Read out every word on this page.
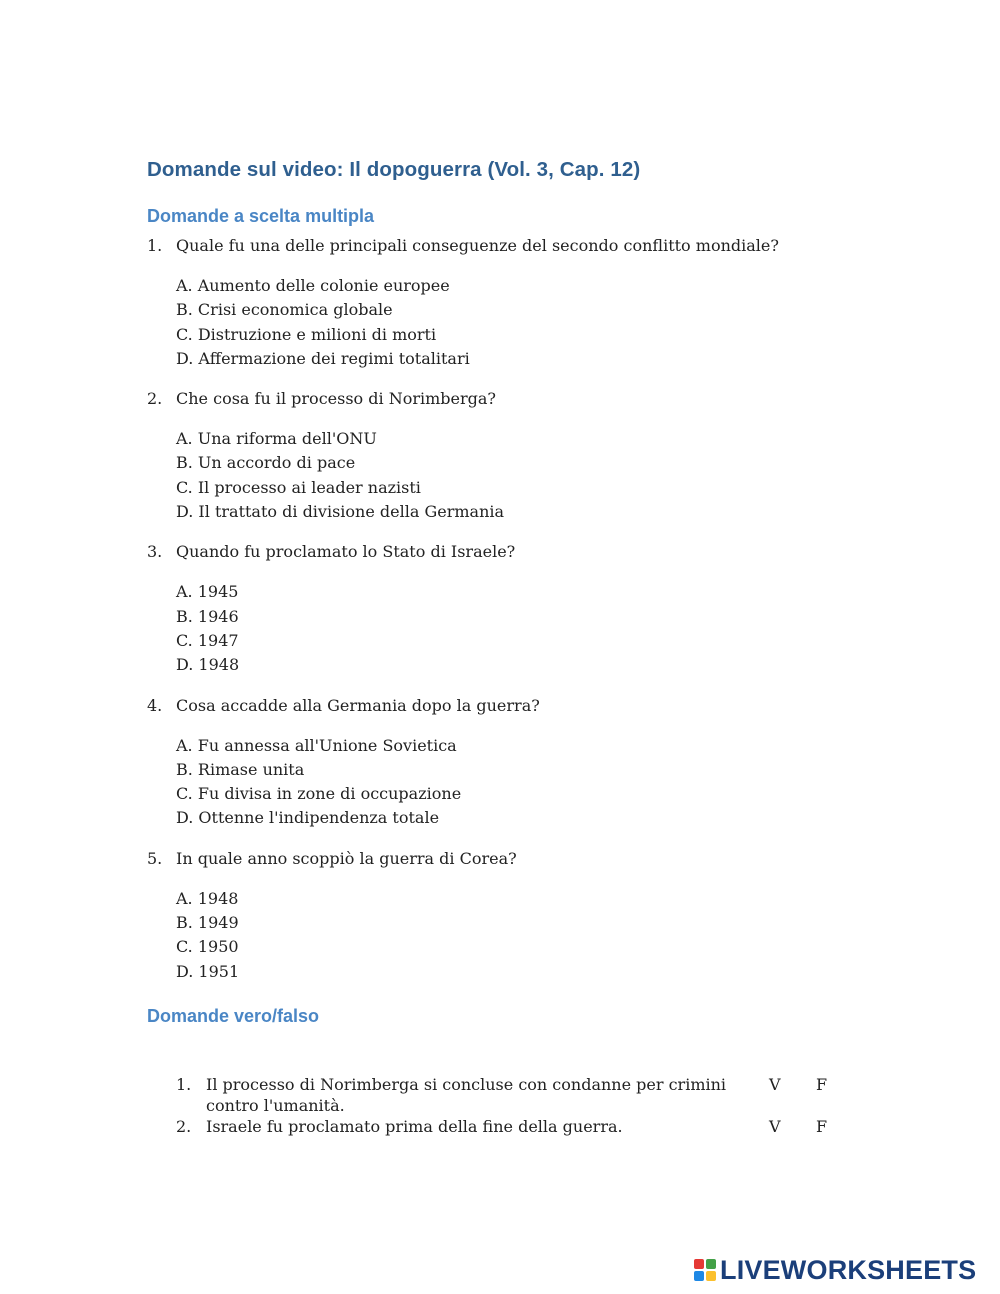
Domande sul video: Il dopoguerra (Vol. 3, Cap. 12)
Domande a scelta multipla
1. Quale fu una delle principali conseguenze del secondo conflitto mondiale?
A. Aumento delle colonie europee
B. Crisi economica globale
C. Distruzione e milioni di morti
D. Affermazione dei regimi totalitari
2. Che cosa fu il processo di Norimberga?
A. Una riforma dell'ONU
B. Un accordo di pace
C. Il processo ai leader nazisti
D. Il trattato di divisione della Germania
3. Quando fu proclamato lo Stato di Israele?
A. 1945
B. 1946
C. 1947
D. 1948
4. Cosa accadde alla Germania dopo la guerra?
A. Fu annessa all'Unione Sovietica
B. Rimase unita
C. Fu divisa in zone di occupazione
D. Ottenne l'indipendenza totale
5. In quale anno scoppiò la guerra di Corea?
A. 1948
B. 1949
C. 1950
D. 1951
Domande vero/falso
1. Il processo di Norimberga si concluse con condanne per crimini contro l'umanità.
V F
2. Israele fu proclamato prima della fine della guerra.	V F
LIVEWORKSHEETS
